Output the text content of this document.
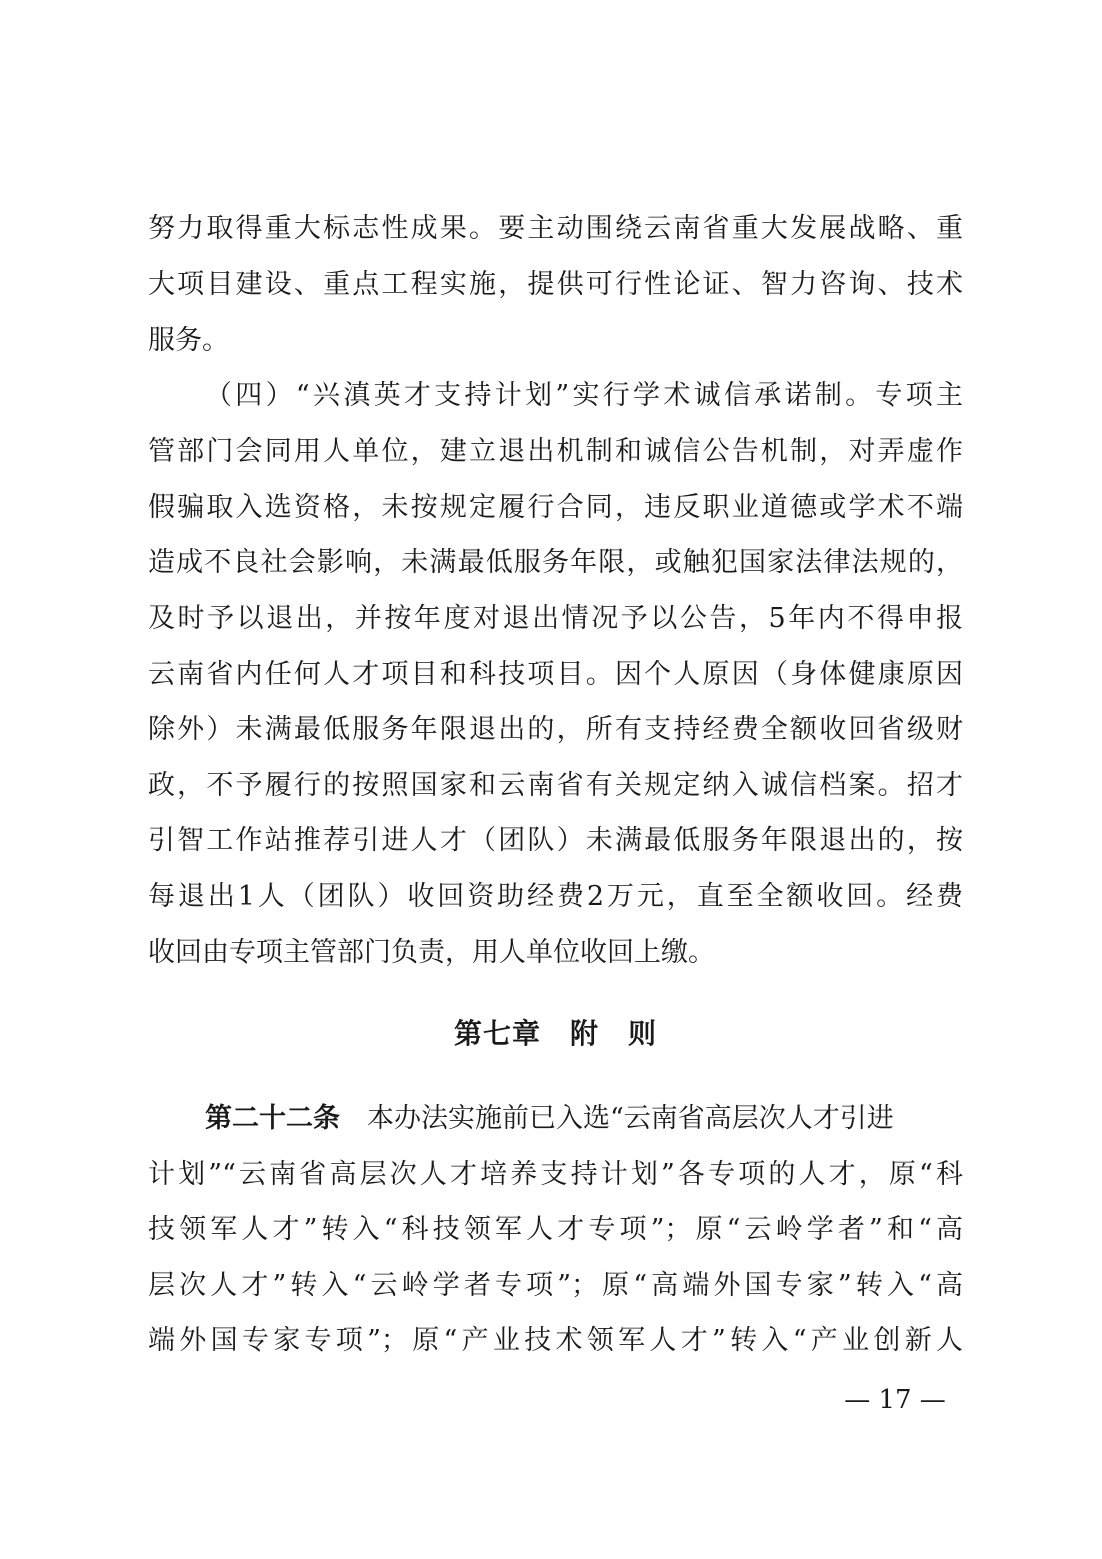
努力取得重大标志性成果。要主动围绕云南省重大发展战略、重
大项目建设、重点工程实施，提供可行性论证、智力咨询、技术
服务。
（四）“兴滇英才支持计划”实行学术诚信承诺制。专项主
管部门会同用人单位，建立退出机制和诚信公告机制，对弄虚作
假骗取入选资格，未按规定履行合同，违反职业道德或学术不端
造成不良社会影响，未满最低服务年限，或触犯国家法律法规的，
及时予以退出，并按年度对退出情况予以公告，5年内不得申报
云南省内任何人才项目和科技项目。因个人原因（身体健康原因
除外）未满最低服务年限退出的，所有支持经费全额收回省级财
政，不予履行的按照国家和云南省有关规定纳入诚信档案。招才
引智工作站推荐引进人才（团队）未满最低服务年限退出的，按
每退出1人（团队）收回资助经费2万元，直至全额收回。经费
收回由专项主管部门负责，用人单位收回上缴。
第七章　附　则
第二十二条　本办法实施前已入选“云南省高层次人才引进
计划”“云南省高层次人才培养支持计划”各专项的人才，原“科
技领军人才”转入“科技领军人才专项”；原“云岭学者”和“高
层次人才”转入“云岭学者专项”；原“高端外国专家”转入“高
端外国专家专项”；原“产业技术领军人才”转入“产业创新人
— 17 —
